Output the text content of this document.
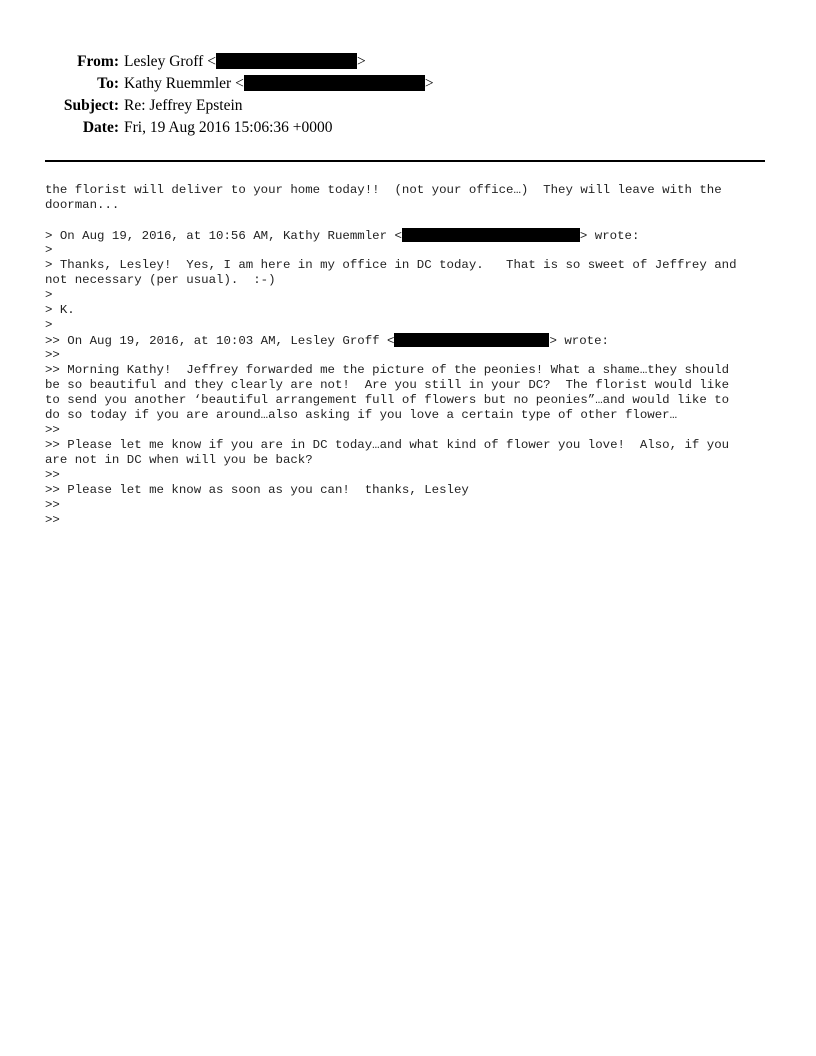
From: Lesley Groff <	>
To: Kathy Ruemmler <	>
Subject: Re: Jeffrey Epstein
Date: Fri, 19 Aug 2016 15:06:36 +0000
the florist will deliver to your home today!!  (not your office…)  They will leave with the
doorman...
> On Aug 19, 2016, at 10:56 AM, Kathy Ruemmler <	> wrote:
>
> Thanks, Lesley!  Yes, I am here in my office in DC today.   That is so sweet of Jeffrey and
not necessary (per usual).  :-)
>
> K.
>
>> On Aug 19, 2016, at 10:03 AM, Lesley Groff <	> wrote:
>>
>> Morning Kathy!  Jeffrey forwarded me the picture of the peonies! What a shame…they should
be so beautiful and they clearly are not!  Are you still in your DC?  The florist would like
to send you another ‘beautiful arrangement full of flowers but no peonies”…and would like to
do so today if you are around…also asking if you love a certain type of other flower…
>>
>> Please let me know if you are in DC today…and what kind of flower you love!  Also, if you
are not in DC when will you be back?
>>
>> Please let me know as soon as you can!  thanks, Lesley
>>
>>
